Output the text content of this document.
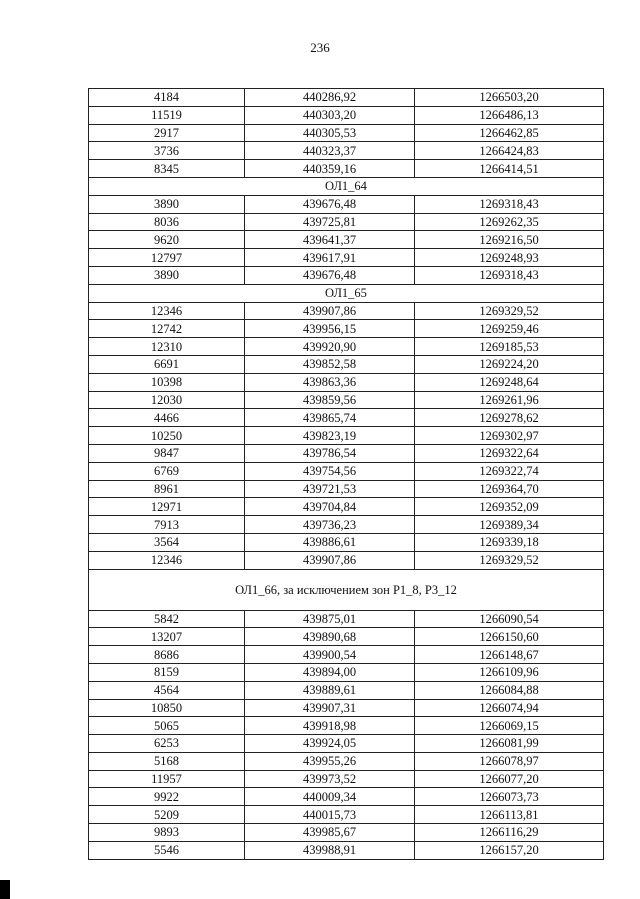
236
4184	440286,92	1266503,20
11519	440303,20	1266486,13
2917	440305,53	1266462,85
3736	440323,37	1266424,83
8345	440359,16	1266414,51
ОЛ1_64		
3890	439676,48	1269318,43
8036	439725,81	1269262,35
9620	439641,37	1269216,50
12797	439617,91	1269248,93
3890	439676,48	1269318,43
ОЛ1_65		
12346	439907,86	1269329,52
12742	439956,15	1269259,46
12310	439920,90	1269185,53
6691	439852,58	1269224,20
10398	439863,36	1269248,64
12030	439859,56	1269261,96
4466	439865,74	1269278,62
10250	439823,19	1269302,97
9847	439786,54	1269322,64
6769	439754,56	1269322,74
8961	439721,53	1269364,70
12971	439704,84	1269352,09
7913	439736,23	1269389,34
3564	439886,61	1269339,18
12346	439907,86	1269329,52
ОЛ1_66, за исключением зон Р1_8, Р3_12		
5842	439875,01	1266090,54
13207	439890,68	1266150,60
8686	439900,54	1266148,67
8159	439894,00	1266109,96
4564	439889,61	1266084,88
10850	439907,31	1266074,94
5065	439918,98	1266069,15
6253	439924,05	1266081,99
5168	439955,26	1266078,97
11957	439973,52	1266077,20
9922	440009,34	1266073,73
5209	440015,73	1266113,81
9893	439985,67	1266116,29
5546	439988,91	1266157,20
